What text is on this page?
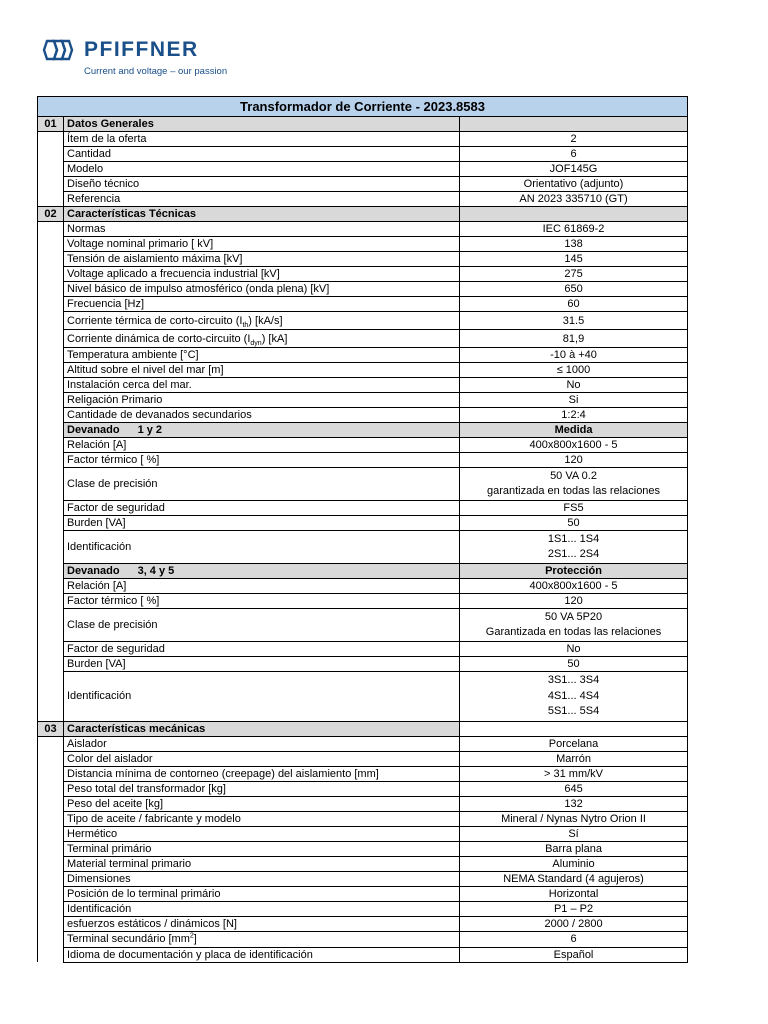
PFIFFNER
Current and voltage – our passion
Transformador de Corriente - 2023.8583		
01	Datos Generales	
	Ítem de la oferta	2
	Cantidad	6
	Modelo	JOF145G
	Diseño técnico	Orientativo (adjunto)
	Referencia	AN 2023 335710 (GT)
02	Características Técnicas	
	Normas	IEC 61869-2
	Voltage nominal primario [ kV]	138
	Tensión de aislamiento máxima [kV]	145
	Voltage aplicado a frecuencia industrial [kV]	275
	Nivel básico de impulso atmosférico (onda plena) [kV]	650
	Frecuencia [Hz]	60
	Corriente térmica de corto-circuito $(I_{th})$ [kA/s]	31.5
	Corriente dinámica de corto-circuito $(I_{dyn})$ [kA]	81,9
	Temperatura ambiente [°C]	-10 à +40
	Altitud sobre el nivel del mar [m]	≤ 1000
	Instalación cerca del mar.	No
	Religación Primario	Si
	Cantidade de devanados secundarios	1:2:4
	Devanado 1 y 2	Medida
	Relación [A]	400x800x1600 - 5
	Factor térmico [ %]	120
	Clase de precisión	50 VA 0.2
garantizada en todas las relaciones
	Factor de seguridad	FS5
	Burden [VA]	50
	Identificación	1S1... 1S4
2S1... 2S4
	Devanado 3, 4 y 5	Protección
	Relación [A]	400x800x1600 - 5
	Factor térmico [ %]	120
	Clase de precisión	50 VA 5P20
Garantizada en todas las relaciones
	Factor de seguridad	No
	Burden [VA]	50
	Identificación	3S1... 3S4
4S1... 4S4
5S1... 5S4
03	Características mecánicas	
	Aislador	Porcelana
	Color del aislador	Marrón
	Distancia mínima de contorneo (creepage) del aislamiento [mm]	> 31 mm/kV
	Peso total del transformador [kg]	645
	Peso del aceite [kg]	132
	Tipo de aceite / fabricante y modelo	Mineral / Nynas Nytro Orion II
	Hermético	Sí
	Terminal primário	Barra plana
	Material terminal primario	Aluminio
	Dimensiones	NEMA Standard (4 agujeros)
	Posición de lo terminal primário	Horizontal
	Identificación	P1 – P2
	esfuerzos estáticos / dinámicos [N]	2000 / 2800
	Terminal secundário $[mm^2]$	6
	Idioma de documentación y placa de identificación	Español
